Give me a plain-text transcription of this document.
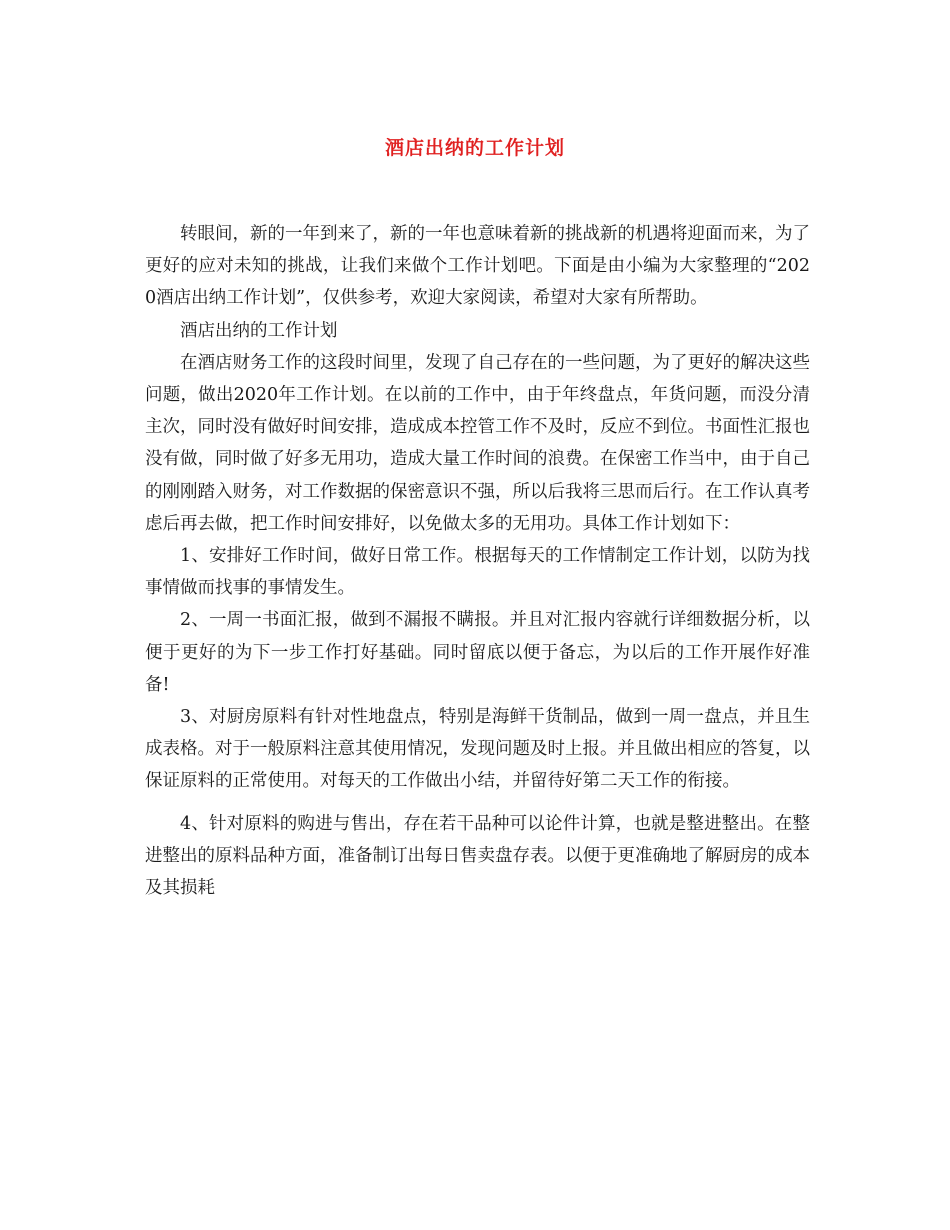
酒店出纳的工作计划

转眼间，新的一年到来了，新的一年也意味着新的挑战新的机遇将迎面而来，为了更好的应对未知的挑战，让我们来做个工作计划吧。下面是由小编为大家整理的“2020酒店出纳工作计划”，仅供参考，欢迎大家阅读，希望对大家有所帮助。

酒店出纳的工作计划

在酒店财务工作的这段时间里，发现了自己存在的一些问题，为了更好的解决这些问题，做出2020年工作计划。在以前的工作中，由于年终盘点，年货问题，而没分清主次，同时没有做好时间安排，造成成本控管工作不及时，反应不到位。书面性汇报也没有做，同时做了好多无用功，造成大量工作时间的浪费。在保密工作当中，由于自己的刚刚踏入财务，对工作数据的保密意识不强，所以后我将三思而后行。在工作认真考虑后再去做，把工作时间安排好，以免做太多的无用功。具体工作计划如下：

1、安排好工作时间，做好日常工作。根据每天的工作情制定工作计划，以防为找事情做而找事的事情发生。

2、一周一书面汇报，做到不漏报不瞒报。并且对汇报内容就行详细数据分析，以便于更好的为下一步工作打好基础。同时留底以便于备忘，为以后的工作开展作好准备!

3、对厨房原料有针对性地盘点，特别是海鲜干货制品，做到一周一盘点，并且生成表格。对于一般原料注意其使用情况，发现问题及时上报。并且做出相应的答复，以保证原料的正常使用。对每天的工作做出小结，并留待好第二天工作的衔接。

4、针对原料的购进与售出，存在若干品种可以论件计算，也就是整进整出。在整进整出的原料品种方面，准备制订出每日售卖盘存表。以便于更准确地了解厨房的成本及其损耗
